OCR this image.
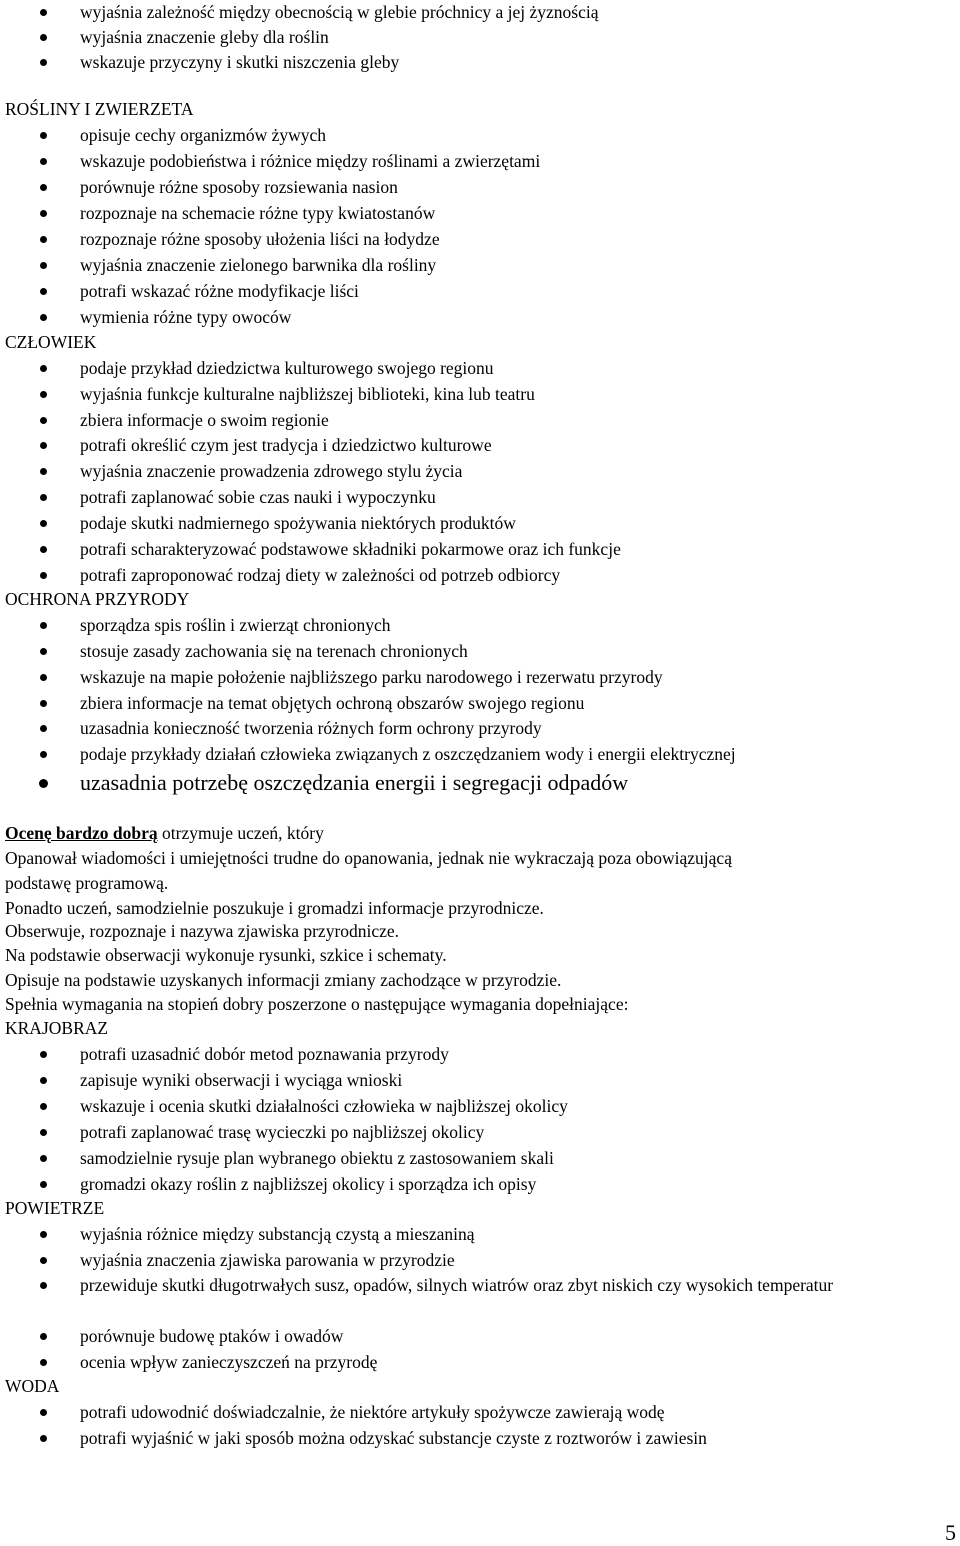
wyjaśnia zależność między obecnością w glebie próchnicy a jej żyznością
wyjaśnia znaczenie gleby dla roślin
wskazuje przyczyny i skutki niszczenia gleby
ROŚLINY I ZWIERZETA
opisuje cechy organizmów żywych
wskazuje podobieństwa i różnice między roślinami a zwierzętami
porównuje różne sposoby rozsiewania nasion
rozpoznaje na schemacie różne typy kwiatostanów
rozpoznaje różne sposoby ułożenia liści na łodydze
wyjaśnia znaczenie zielonego barwnika dla rośliny
potrafi wskazać różne modyfikacje liści
wymienia różne typy owoców
CZŁOWIEK
podaje przykład dziedzictwa kulturowego swojego regionu
wyjaśnia funkcje kulturalne najbliższej biblioteki, kina lub teatru
zbiera informacje o swoim regionie
potrafi określić czym jest tradycja i dziedzictwo kulturowe
wyjaśnia znaczenie prowadzenia zdrowego stylu życia
potrafi zaplanować sobie czas nauki i wypoczynku
podaje skutki nadmiernego spożywania niektórych produktów
potrafi scharakteryzować podstawowe składniki pokarmowe oraz ich funkcje
potrafi zaproponować rodzaj diety w zależności od potrzeb odbiorcy
OCHRONA PRZYRODY
sporządza spis roślin i zwierząt chronionych
stosuje zasady zachowania się na terenach chronionych
wskazuje na mapie położenie najbliższego parku narodowego i rezerwatu przyrody
zbiera informacje na temat objętych ochroną obszarów swojego regionu
uzasadnia konieczność tworzenia różnych form ochrony przyrody
podaje przykłady działań człowieka związanych z oszczędzaniem wody i energii elektrycznej
uzasadnia potrzebę oszczędzania energii i segregacji odpadów
Ocenę bardzo dobrą otrzymuje uczeń, który
Opanował wiadomości i umiejętności trudne do opanowania, jednak nie wykraczają poza obowiązującą
podstawę programową.
Ponadto uczeń, samodzielnie poszukuje i gromadzi informacje przyrodnicze.
Obserwuje, rozpoznaje i nazywa zjawiska przyrodnicze.
Na podstawie obserwacji wykonuje rysunki, szkice i schematy.
Opisuje na podstawie uzyskanych informacji zmiany zachodzące w przyrodzie.
Spełnia wymagania na stopień dobry poszerzone o następujące wymagania dopełniające:
KRAJOBRAZ
potrafi uzasadnić dobór metod poznawania przyrody
zapisuje wyniki obserwacji i wyciąga wnioski
wskazuje i ocenia skutki działalności człowieka w najbliższej okolicy
potrafi zaplanować trasę wycieczki po najbliższej okolicy
samodzielnie rysuje plan wybranego obiektu z zastosowaniem skali
gromadzi okazy roślin z najbliższej okolicy i sporządza ich opisy
POWIETRZE
wyjaśnia różnice między substancją czystą a mieszaniną
wyjaśnia znaczenia zjawiska parowania w przyrodzie
przewiduje skutki długotrwałych susz, opadów, silnych wiatrów oraz zbyt niskich czy wysokich temperatur
porównuje budowę ptaków i owadów
ocenia wpływ zanieczyszczeń na przyrodę
WODA
potrafi udowodnić doświadczalnie, że niektóre artykuły spożywcze zawierają wodę
potrafi wyjaśnić w jaki sposób można odzyskać substancje czyste z roztworów i zawiesin
5
